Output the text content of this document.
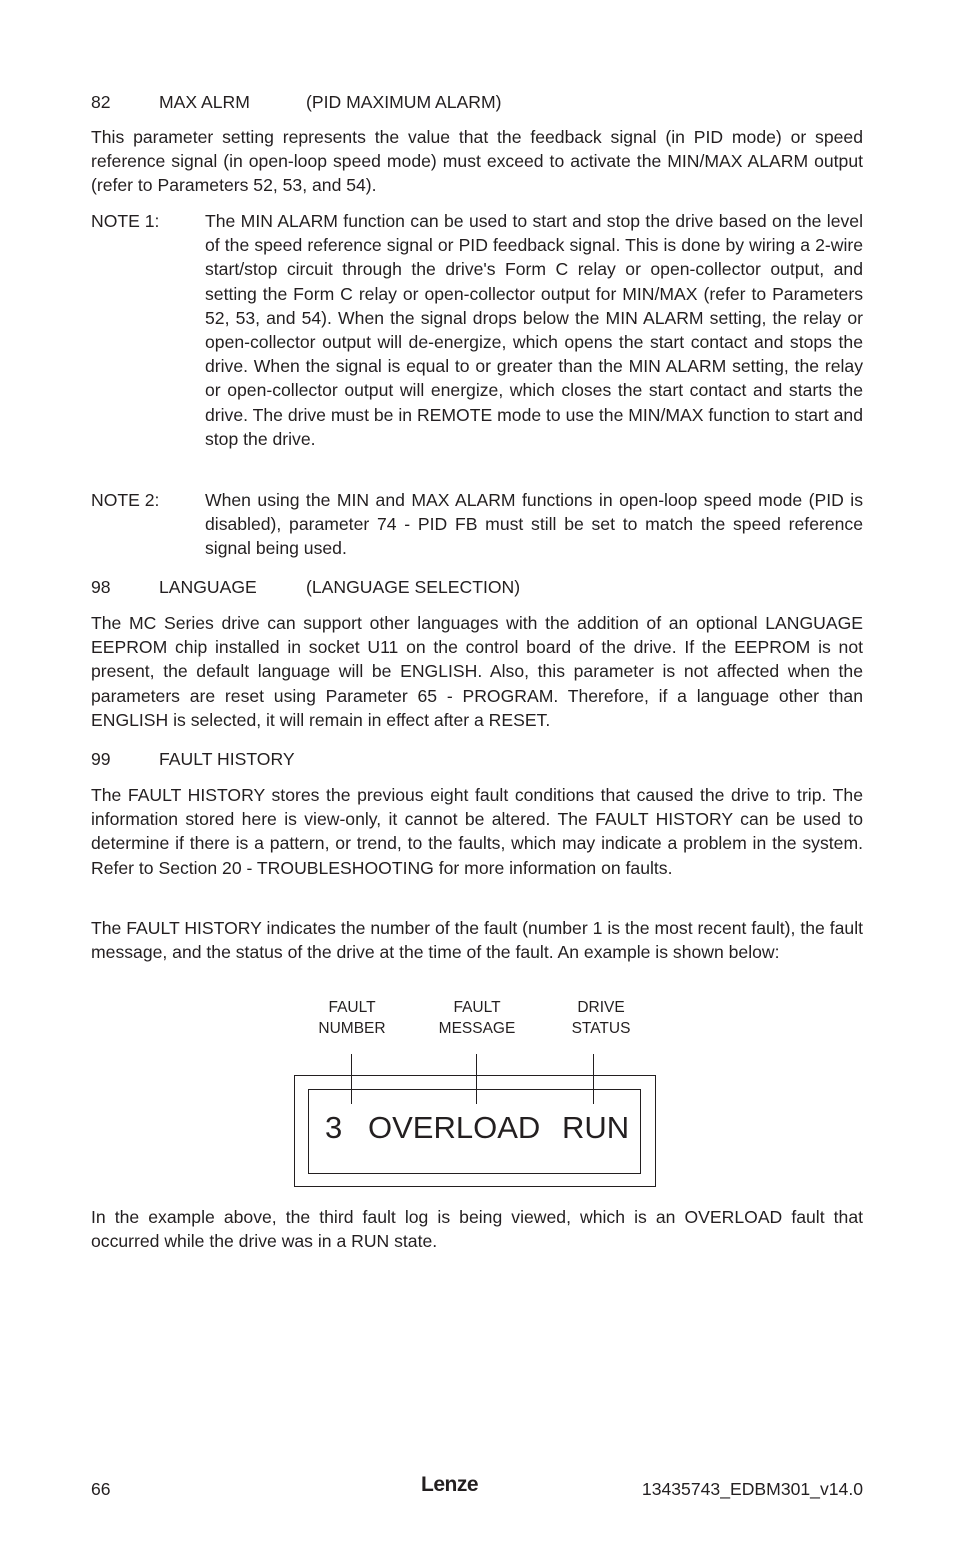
82	MAX ALRM	(PID MAXIMUM ALARM)

This parameter setting represents the value that the feedback signal (in PID mode) or speed reference signal (in open-loop speed mode) must exceed to activate the MIN/MAX ALARM output (refer to Parameters 52, 53, and 54).

NOTE 1:	The MIN ALARM function can be used to start and stop the drive based on the level of the speed reference signal or PID feedback signal. This is done by wiring a 2-wire start/stop circuit through the drive's Form C relay or open-collector output, and setting the Form C relay or open-collector output for MIN/MAX (refer to Parameters 52, 53, and 54). When the signal drops below the MIN ALARM setting, the relay or open-collector output will de-energize, which opens the start contact and stops the drive. When the signal is equal to or greater than the MIN ALARM setting, the relay or open-collector output will energize, which closes the start contact and starts the drive. The drive must be in REMOTE mode to use the MIN/MAX function to start and stop the drive.

NOTE 2:	When using the MIN and MAX ALARM functions in open-loop speed mode (PID is disabled), parameter 74 - PID FB must still be set to match the speed reference signal being used.

98	LANGUAGE	(LANGUAGE SELECTION)

The MC Series drive can support other languages with the addition of an optional LANGUAGE EEPROM chip installed in socket U11 on the control board of the drive. If the EEPROM is not present, the default language will be ENGLISH. Also, this parameter is not affected when the parameters are reset using Parameter 65 - PROGRAM. Therefore, if a language other than ENGLISH is selected, it will remain in effect after a RESET.

99	FAULT HISTORY

The FAULT HISTORY stores the previous eight fault conditions that caused the drive to trip. The information stored here is view-only, it cannot be altered. The FAULT HISTORY can be used to determine if there is a pattern, or trend, to the faults, which may indicate a problem in the system. Refer to Section 20 - TROUBLESHOOTING for more information on faults.

The FAULT HISTORY indicates the number of the fault (number 1 is the most recent fault), the fault message, and the status of the drive at the time of the fault. An example is shown below:

FAULT
NUMBER
FAULT
MESSAGE
DRIVE
STATUS
3 OVERLOAD RUN

In the example above, the third fault log is being viewed, which is an OVERLOAD fault that occurred while the drive was in a RUN state.

66	Lenze	13435743_EDBM301_v14.0
